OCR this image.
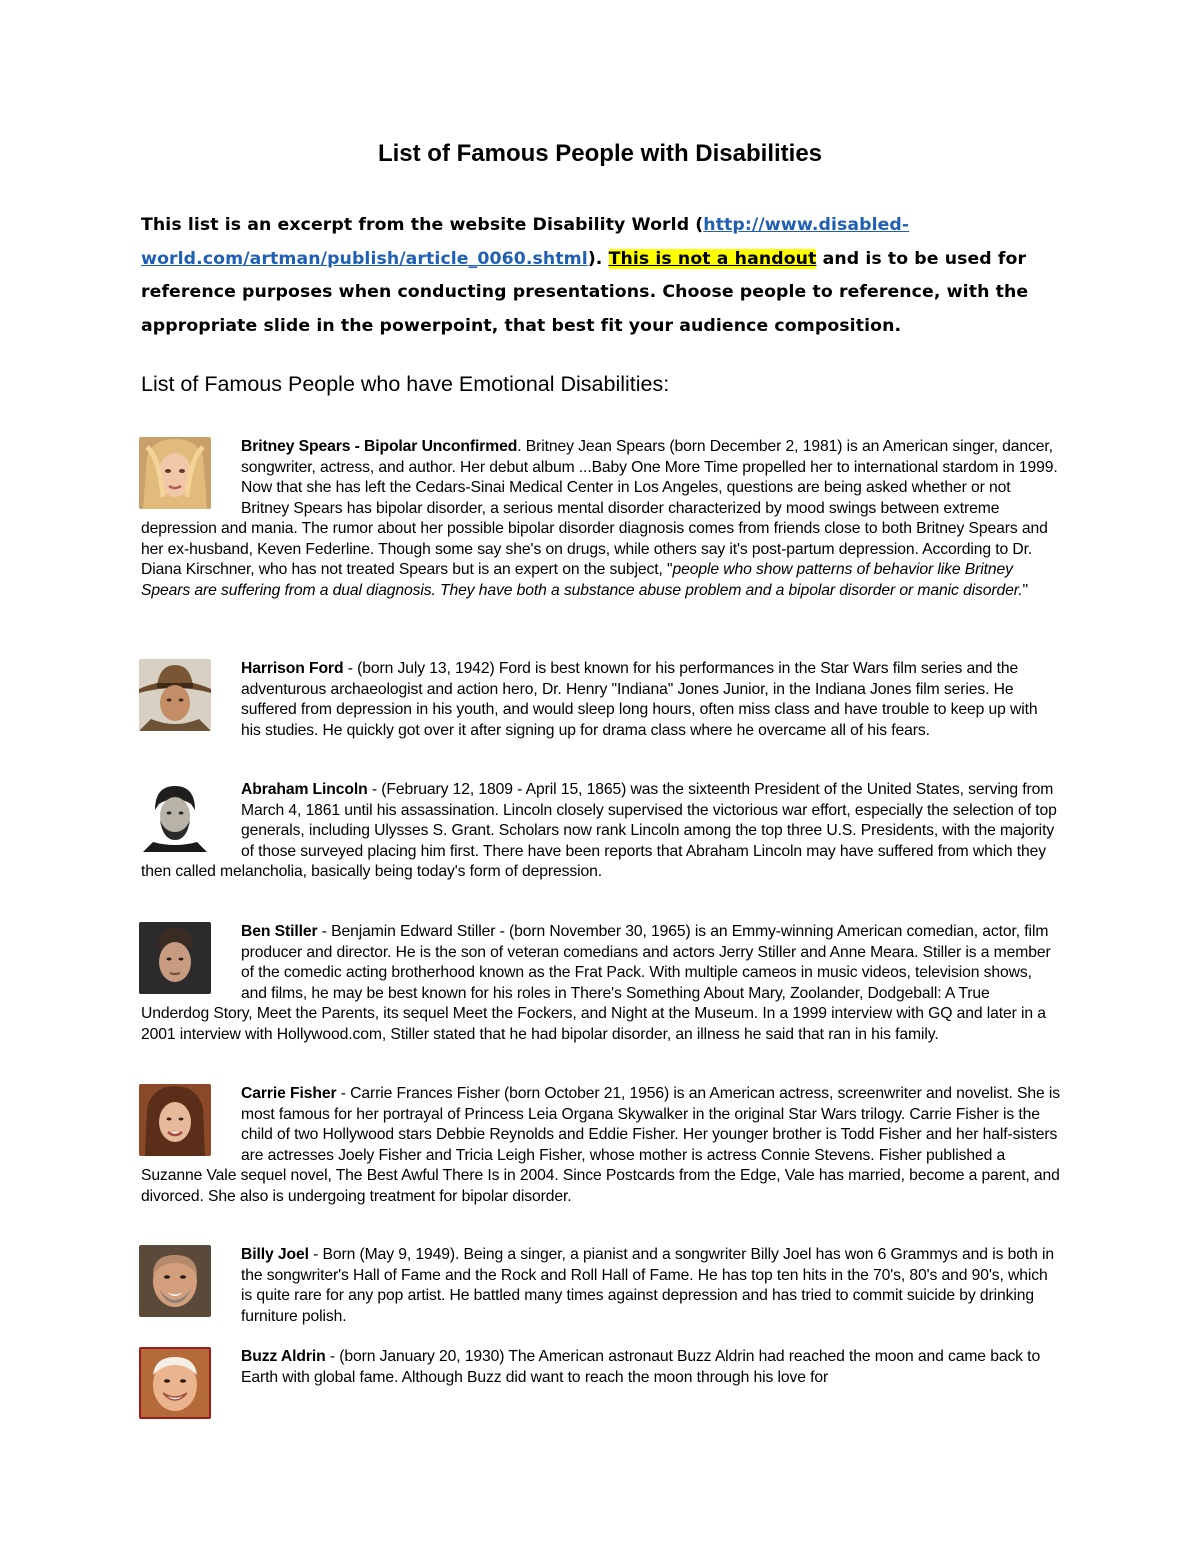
List of Famous People with Disabilities

This list is an excerpt from the website Disability World (http://www.disabled-world.com/artman/publish/article_0060.shtml). This is not a handout and is to be used for reference purposes when conducting presentations. Choose people to reference, with the appropriate slide in the powerpoint, that best fit your audience composition.

List of Famous People who have Emotional Disabilities:

Britney Spears - Bipolar Unconfirmed. Britney Jean Spears (born December 2, 1981) is an American singer, dancer, songwriter, actress, and author. Her debut album ...Baby One More Time propelled her to international stardom in 1999. Now that she has left the Cedars-Sinai Medical Center in Los Angeles, questions are being asked whether or not Britney Spears has bipolar disorder, a serious mental disorder characterized by mood swings between extreme depression and mania. The rumor about her possible bipolar disorder diagnosis comes from friends close to both Britney Spears and her ex-husband, Keven Federline. Though some say she's on drugs, while others say it's post-partum depression. According to Dr. Diana Kirschner, who has not treated Spears but is an expert on the subject, "people who show patterns of behavior like Britney Spears are suffering from a dual diagnosis. They have both a substance abuse problem and a bipolar disorder or manic disorder."

Harrison Ford - (born July 13, 1942) Ford is best known for his performances in the Star Wars film series and the adventurous archaeologist and action hero, Dr. Henry "Indiana" Jones Junior, in the Indiana Jones film series. He suffered from depression in his youth, and would sleep long hours, often miss class and have trouble to keep up with his studies. He quickly got over it after signing up for drama class where he overcame all of his fears.

Abraham Lincoln - (February 12, 1809 - April 15, 1865) was the sixteenth President of the United States, serving from March 4, 1861 until his assassination. Lincoln closely supervised the victorious war effort, especially the selection of top generals, including Ulysses S. Grant. Scholars now rank Lincoln among the top three U.S. Presidents, with the majority of those surveyed placing him first. There have been reports that Abraham Lincoln may have suffered from which they then called melancholia, basically being today's form of depression.

Ben Stiller - Benjamin Edward Stiller - (born November 30, 1965) is an Emmy-winning American comedian, actor, film producer and director. He is the son of veteran comedians and actors Jerry Stiller and Anne Meara. Stiller is a member of the comedic acting brotherhood known as the Frat Pack. With multiple cameos in music videos, television shows, and films, he may be best known for his roles in There's Something About Mary, Zoolander, Dodgeball: A True Underdog Story, Meet the Parents, its sequel Meet the Fockers, and Night at the Museum. In a 1999 interview with GQ and later in a 2001 interview with Hollywood.com, Stiller stated that he had bipolar disorder, an illness he said that ran in his family.

Carrie Fisher - Carrie Frances Fisher (born October 21, 1956) is an American actress, screenwriter and novelist. She is most famous for her portrayal of Princess Leia Organa Skywalker in the original Star Wars trilogy. Carrie Fisher is the child of two Hollywood stars Debbie Reynolds and Eddie Fisher. Her younger brother is Todd Fisher and her half-sisters are actresses Joely Fisher and Tricia Leigh Fisher, whose mother is actress Connie Stevens. Fisher published a Suzanne Vale sequel novel, The Best Awful There Is in 2004. Since Postcards from the Edge, Vale has married, become a parent, and divorced. She also is undergoing treatment for bipolar disorder.

Billy Joel - Born (May 9, 1949). Being a singer, a pianist and a songwriter Billy Joel has won 6 Grammys and is both in the songwriter's Hall of Fame and the Rock and Roll Hall of Fame. He has top ten hits in the 70's, 80's and 90's, which is quite rare for any pop artist. He battled many times against depression and has tried to commit suicide by drinking furniture polish.

Buzz Aldrin - (born January 20, 1930) The American astronaut Buzz Aldrin had reached the moon and came back to Earth with global fame. Although Buzz did want to reach the moon through his love for
